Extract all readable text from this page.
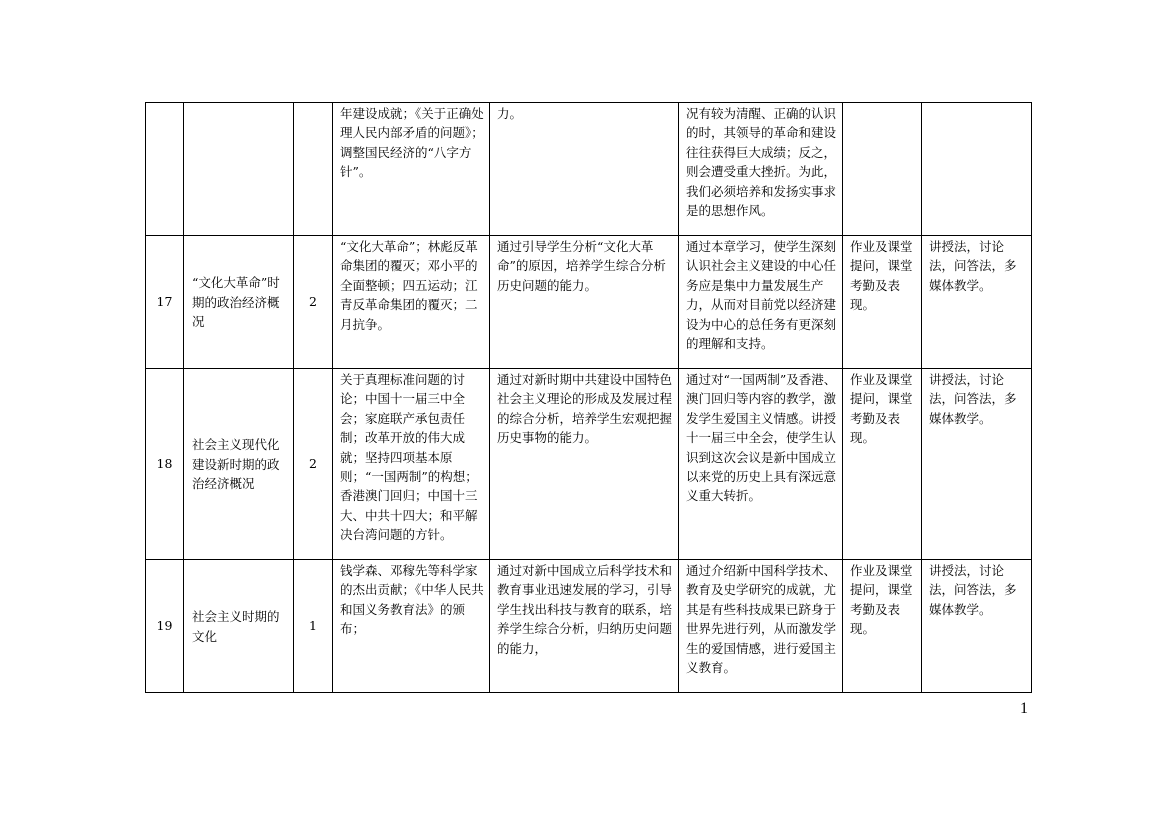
			年建设成就；《关于正确处理人民内部矛盾的问题》；调整国民经济的“八字方针”。	力。	况有较为清醒、正确的认识的时，其领导的革命和建设往往获得巨大成绩；反之，则会遭受重大挫折。为此，我们必须培养和发扬实事求是的思想作风。		
17	“文化大革命”时期的政治经济概况	2	“文化大革命”；林彪反革命集团的覆灭；邓小平的全面整顿；四五运动；江青反革命集团的覆灭；二月抗争。	通过引导学生分析“文化大革命”的原因，培养学生综合分析历史问题的能力。	通过本章学习，使学生深刻认识社会主义建设的中心任务应是集中力量发展生产力，从而对目前党以经济建设为中心的总任务有更深刻的理解和支持。	作业及课堂提问，课堂考勤及表现。	讲授法，讨论法，问答法，多媒体教学。
18	社会主义现代化建设新时期的政治经济概况	2	关于真理标准问题的讨论；中国十一届三中全会；家庭联产承包责任制；改革开放的伟大成就；坚持四项基本原则；“一国两制”的构想；香港澳门回归；中国十三大、中共十四大；和平解决台湾问题的方针。	通过对新时期中共建设中国特色社会主义理论的形成及发展过程的综合分析，培养学生宏观把握历史事物的能力。	通过对“一国两制”及香港、澳门回归等内容的教学，激发学生爱国主义情感。讲授十一届三中全会，使学生认识到这次会议是新中国成立以来党的历史上具有深远意义重大转折。	作业及课堂提问，课堂考勤及表现。	讲授法，讨论法，问答法，多媒体教学。
19	社会主义时期的文化	1	钱学森、邓稼先等科学家的杰出贡献；《中华人民共和国义务教育法》的颁布；	通过对新中国成立后科学技术和教育事业迅速发展的学习，引导学生找出科技与教育的联系，培养学生综合分析，归纳历史问题的能力，	通过介绍新中国科学技术、教育及史学研究的成就，尤其是有些科技成果已跻身于世界先进行列，从而激发学生的爱国情感，进行爱国主义教育。	作业及课堂提问，课堂考勤及表现。	讲授法，讨论法，问答法，多媒体教学。
1
